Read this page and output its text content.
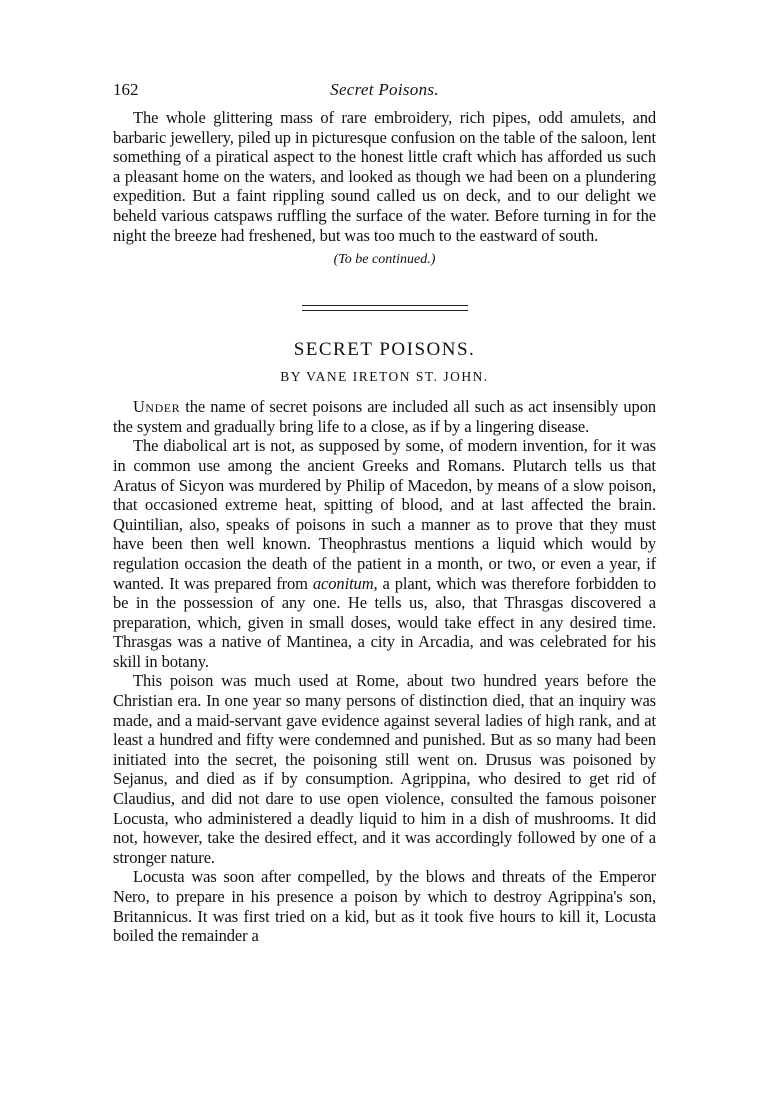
162	Secret Poisons.

The whole glittering mass of rare embroidery, rich pipes, odd amulets, and barbaric jewellery, piled up in picturesque confusion on the table of the saloon, lent something of a piratical aspect to the honest little craft which has afforded us such a pleasant home on the waters, and looked as though we had been on a plundering expedition. But a faint rippling sound called us on deck, and to our delight we beheld various catspaws ruffling the surface of the water. Before turning in for the night the breeze had freshened, but was too much to the eastward of south.

(To be continued.)

SECRET POISONS.

BY VANE IRETON ST. JOHN.

Under the name of secret poisons are included all such as act insensibly upon the system and gradually bring life to a close, as if by a lingering disease.

The diabolical art is not, as supposed by some, of modern invention, for it was in common use among the ancient Greeks and Romans. Plutarch tells us that Aratus of Sicyon was murdered by Philip of Macedon, by means of a slow poison, that occasioned extreme heat, spitting of blood, and at last affected the brain. Quintilian, also, speaks of poisons in such a manner as to prove that they must have been then well known. Theophrastus mentions a liquid which would by regulation occasion the death of the patient in a month, or two, or even a year, if wanted. It was prepared from aconitum, a plant, which was therefore forbidden to be in the possession of any one. He tells us, also, that Thrasgas discovered a preparation, which, given in small doses, would take effect in any desired time. Thrasgas was a native of Mantinea, a city in Arcadia, and was celebrated for his skill in botany.

This poison was much used at Rome, about two hundred years before the Christian era. In one year so many persons of distinction died, that an inquiry was made, and a maid-servant gave evidence against several ladies of high rank, and at least a hundred and fifty were condemned and punished. But as so many had been initiated into the secret, the poisoning still went on. Drusus was poisoned by Sejanus, and died as if by consumption. Agrippina, who desired to get rid of Claudius, and did not dare to use open violence, consulted the famous poisoner Locusta, who administered a deadly liquid to him in a dish of mushrooms. It did not, however, take the desired effect, and it was accordingly followed by one of a stronger nature.

Locusta was soon after compelled, by the blows and threats of the Emperor Nero, to prepare in his presence a poison by which to destroy Agrippina's son, Britannicus. It was first tried on a kid, but as it took five hours to kill it, Locusta boiled the remainder a
